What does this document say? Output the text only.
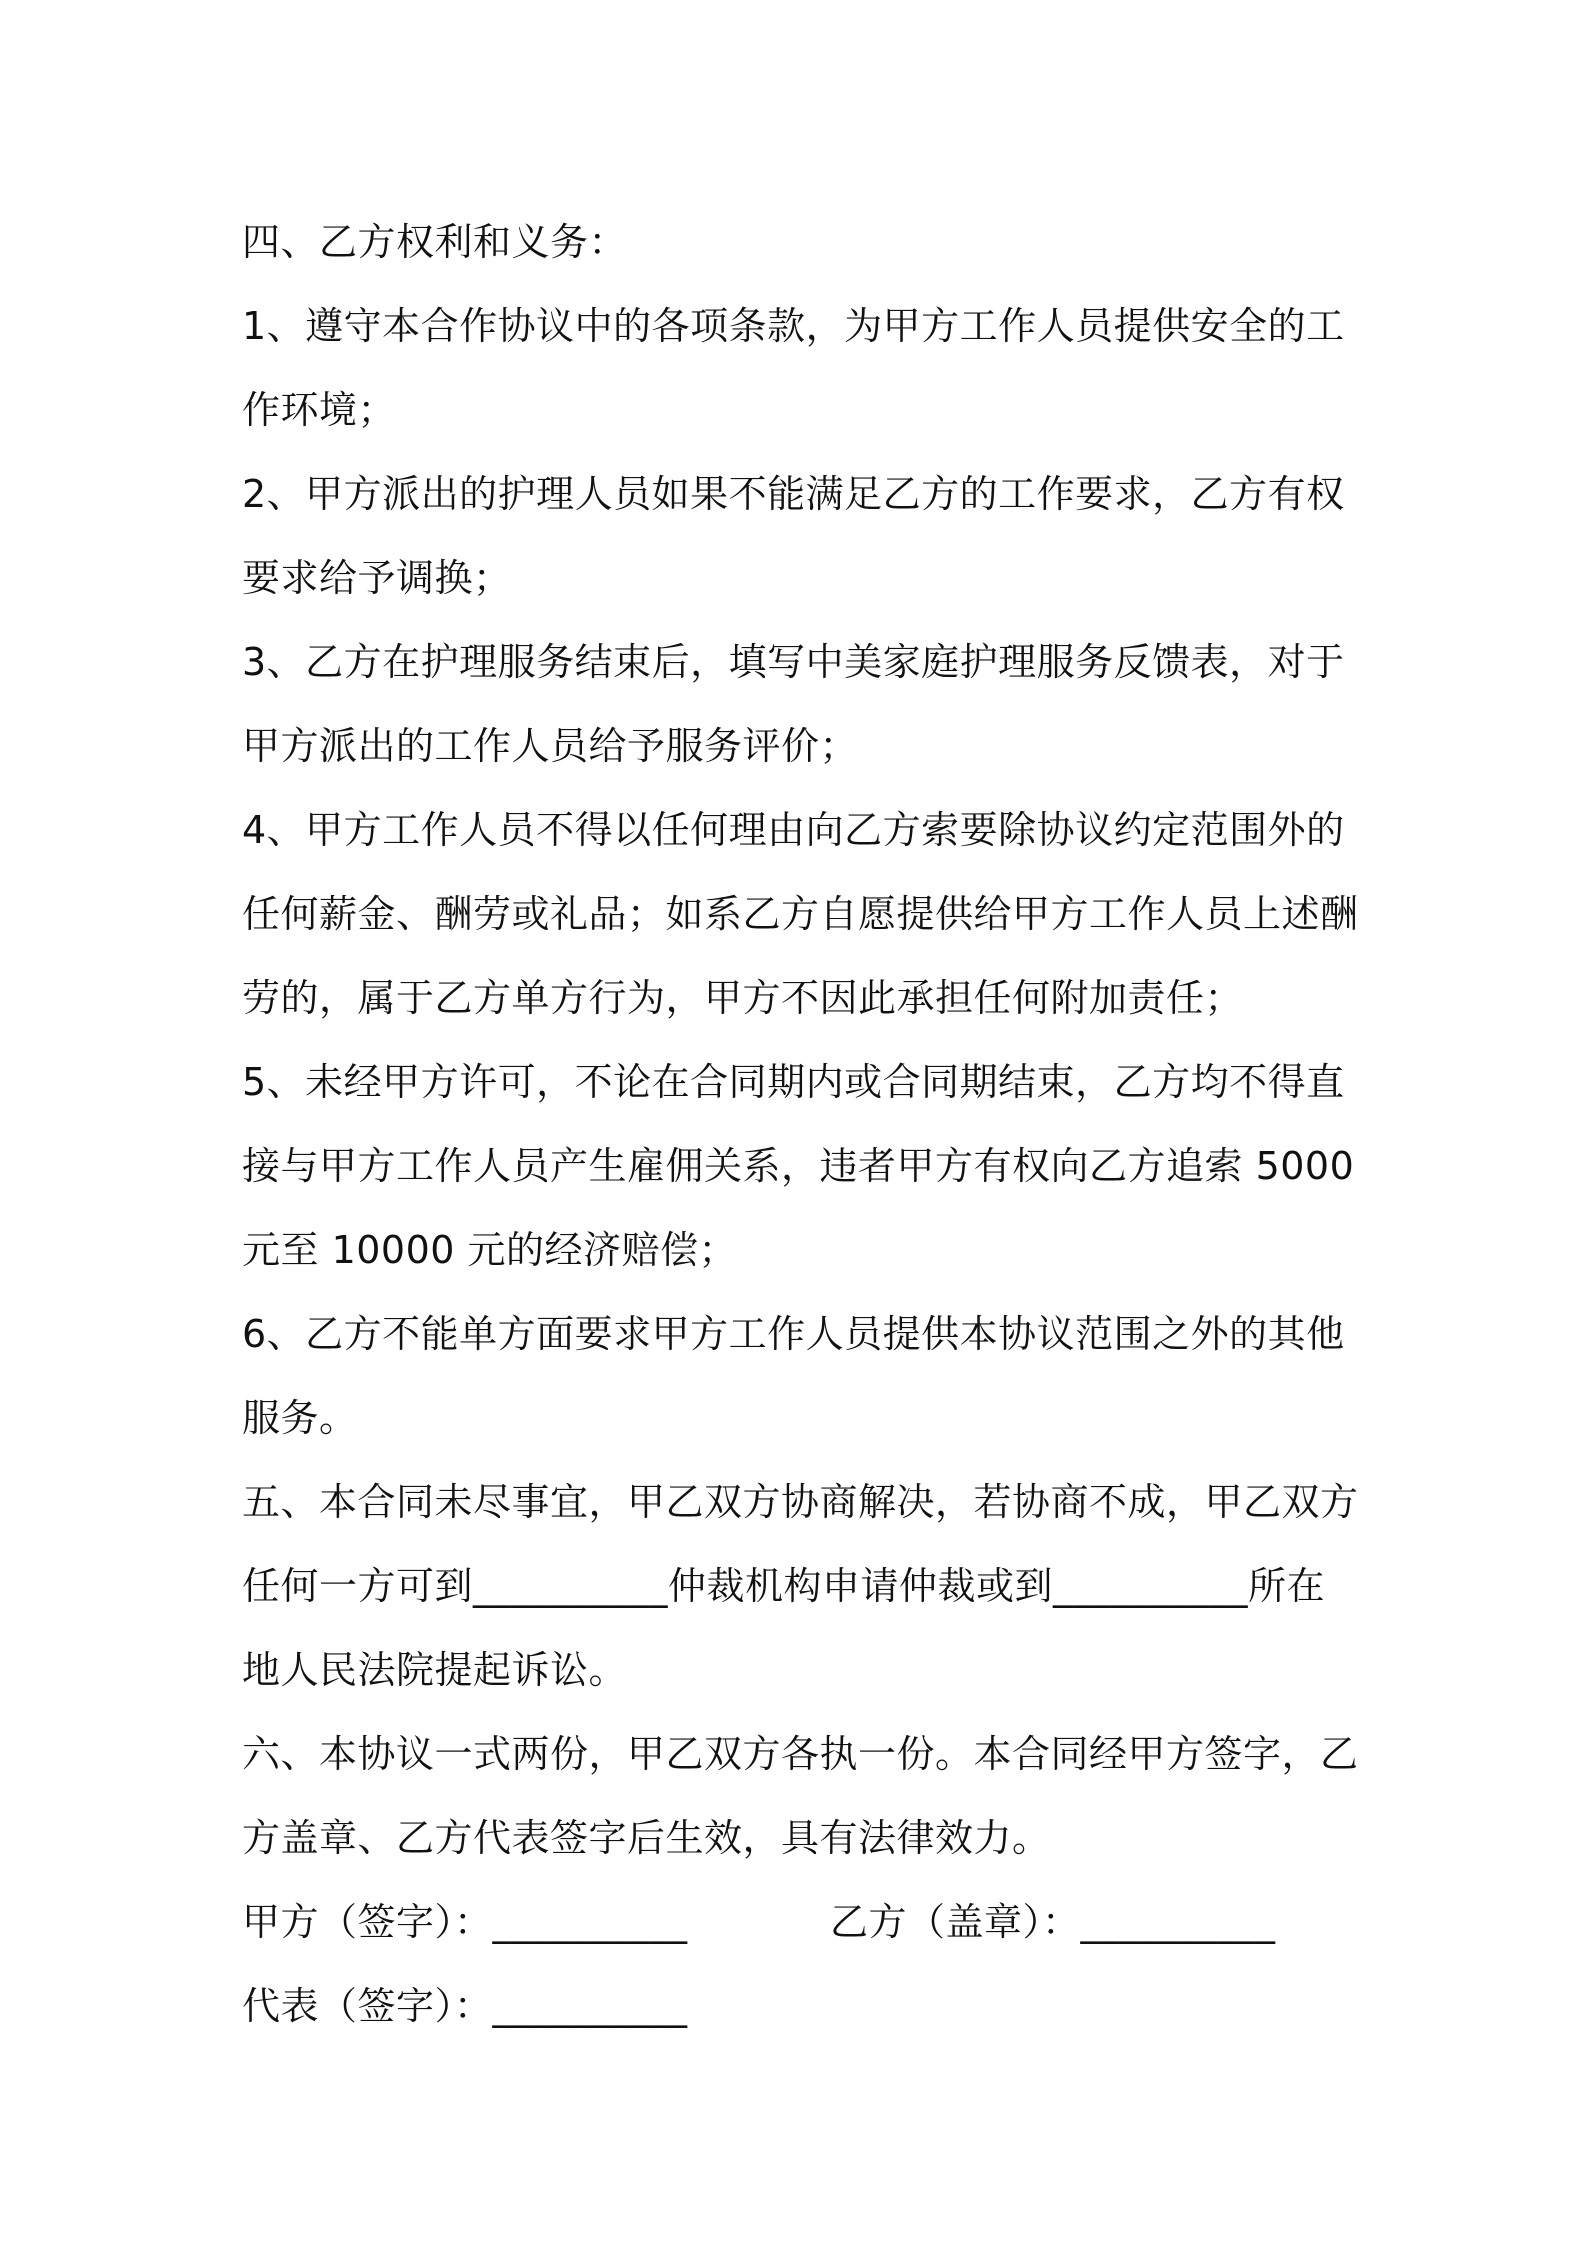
四、乙方权利和义务：

1、遵守本合作协议中的各项条款，为甲方工作人员提供安全的工作环境；

2、甲方派出的护理人员如果不能满足乙方的工作要求，乙方有权要求给予调换；

3、乙方在护理服务结束后，填写中美家庭护理服务反馈表，对于甲方派出的工作人员给予服务评价；

4、甲方工作人员不得以任何理由向乙方索要除协议约定范围外的任何薪金、酬劳或礼品；如系乙方自愿提供给甲方工作人员上述酬劳的，属于乙方单方行为，甲方不因此承担任何附加责任；

5、未经甲方许可，不论在合同期内或合同期结束，乙方均不得直接与甲方工作人员产生雇佣关系，违者甲方有权向乙方追索 5000 元至 10000 元的经济赔偿；

6、乙方不能单方面要求甲方工作人员提供本协议范围之外的其他服务。

五、本合同未尽事宜，甲乙双方协商解决，若协商不成，甲乙双方任何一方可到__________仲裁机构申请仲裁或到__________所在地人民法院提起诉讼。

六、本协议一式两份，甲乙双方各执一份。本合同经甲方签字，乙方盖章、乙方代表签字后生效，具有法律效力。

甲方（签字）：__________	乙方（盖章）：__________
代表（签字）：__________
